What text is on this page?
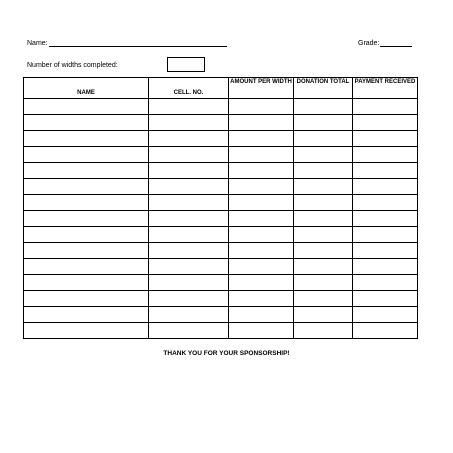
Name:	Grade:
Number of widths completed:
NAME	CELL. NO.	AMOUNT PER WIDTH	DONATION TOTAL	PAYMENT RECEIVED

THANK YOU FOR YOUR SPONSORSHIP!
